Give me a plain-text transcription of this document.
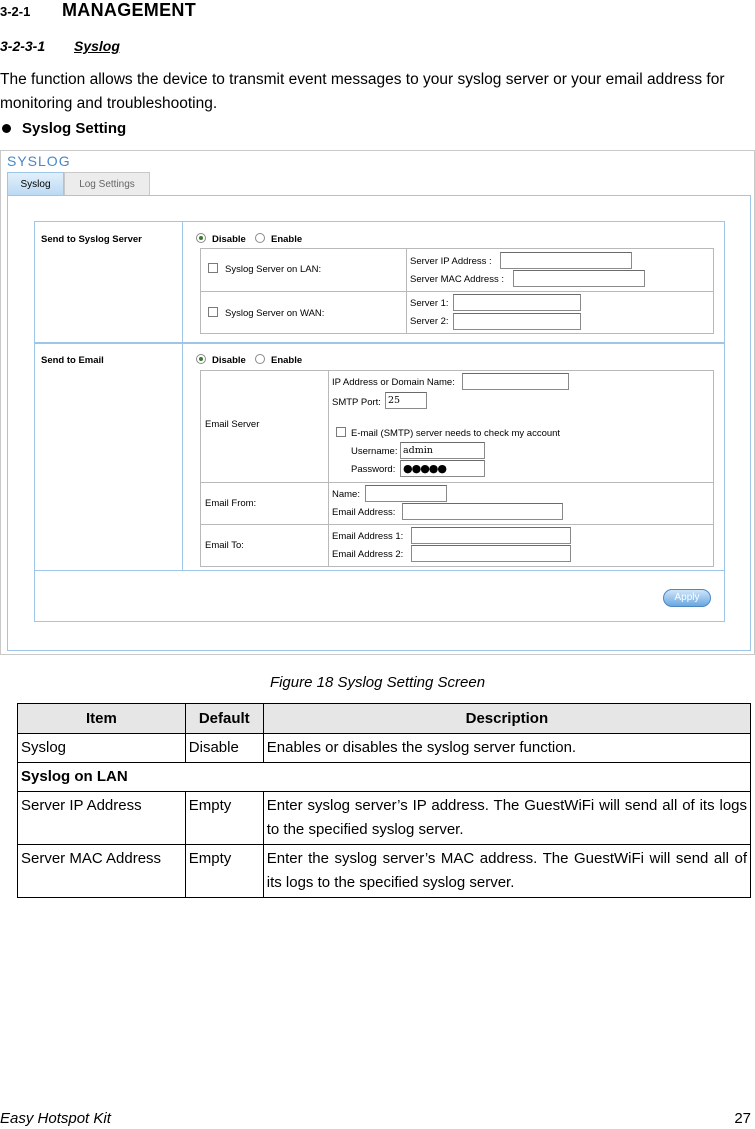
3-2-1 MANAGEMENT
3-2-3-1 Syslog
The function allows the device to transmit event messages to your syslog server or your email address for monitoring and troubleshooting.
Syslog Setting
SYSLOG
Syslog	Log Settings
Send to Syslog Server	Disable	Enable
Syslog Server on LAN:
Server IP Address :
Server MAC Address :
Syslog Server on WAN:
Server 1:
Server 2:
Send to Email	Disable	Enable
Email Server
IP Address or Domain Name:
SMTP Port: 25
E-mail (SMTP) server needs to check my account
Username: admin
Password: ●●●●●
Email From:
Name:
Email Address:
Email To:
Email Address 1:
Email Address 2:
Apply
Figure 18 Syslog Setting Screen
Item	Default	Description
Syslog	Disable	Enables or disables the syslog server function.
Syslog on LAN		
Server IP Address	Empty	Enter syslog server’s IP address. The GuestWiFi will send all of its logs to the specified syslog server.
Server MAC Address	Empty	Enter the syslog server’s MAC address. The GuestWiFi will send all of its logs to the specified syslog server.
Easy Hotspot Kit	27
